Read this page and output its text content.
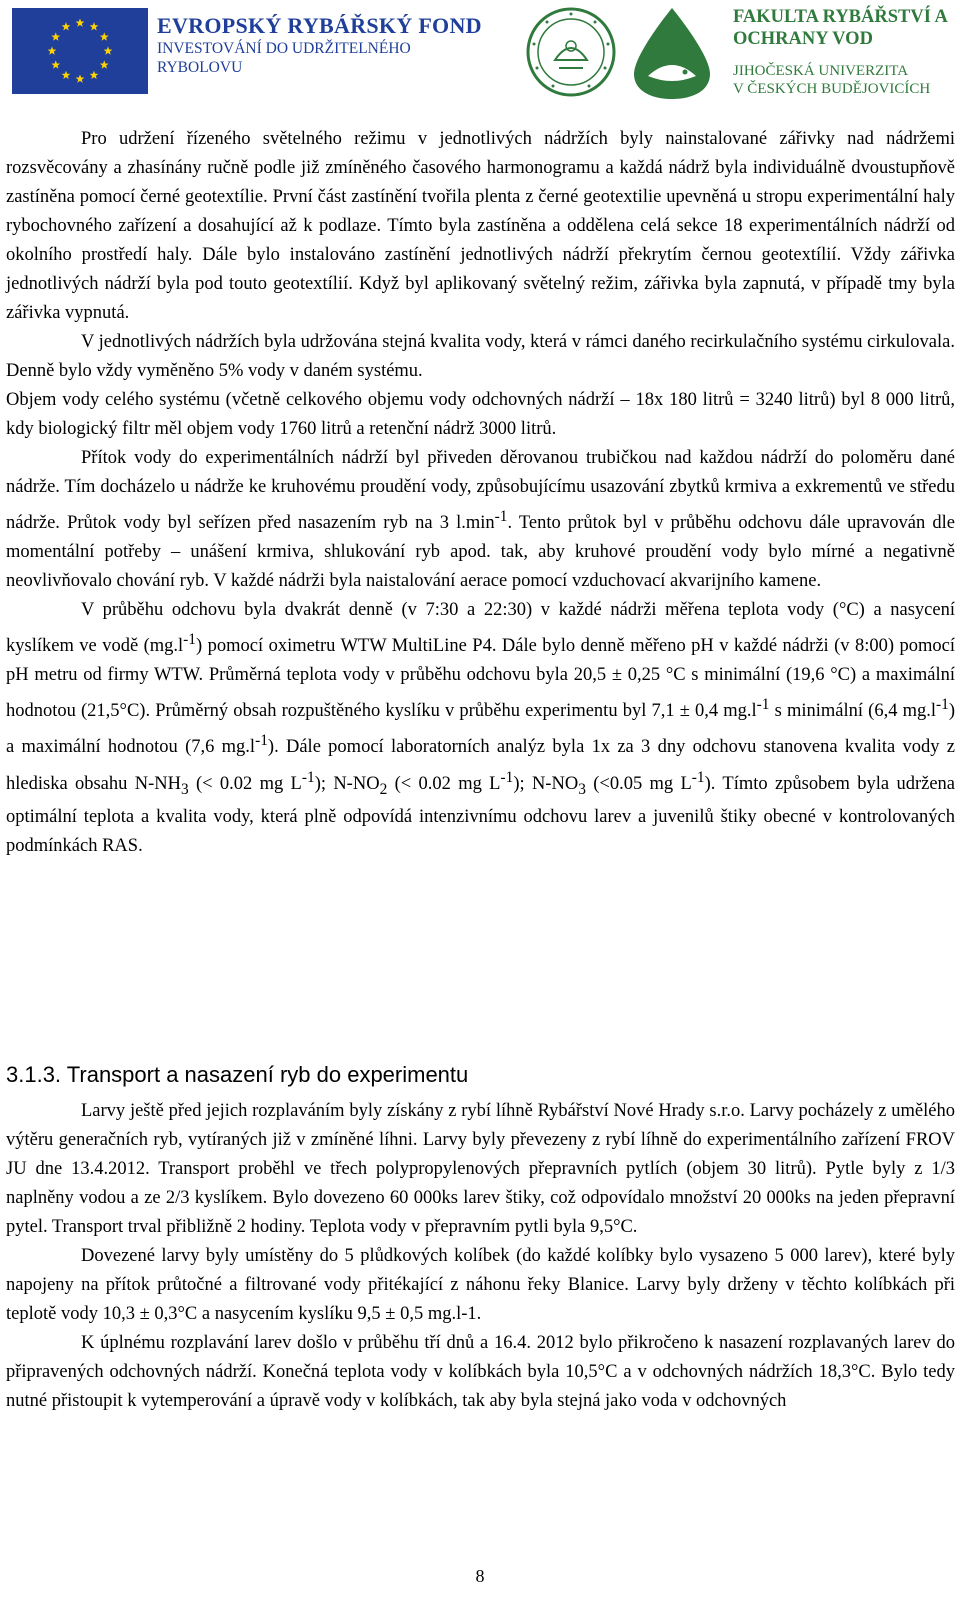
EVROPSKÝ RYBÁŘSKÝ FOND
INVESTOVÁNÍ DO UDRŽITELNÉHO
RYBOLOVU
FAKULTA RYBÁŘSTVÍ A
OCHRANY VOD
JIHOČESKÁ UNIVERZITA
V ČESKÝCH BUDĚJOVICÍCH

Pro udržení řízeného světelného režimu v jednotlivých nádržích byly nainstalované zářivky nad nádržemi rozsvěcovány a zhasínány ručně podle již zmíněného časového harmonogramu a každá nádrž byla individuálně dvoustupňově zastíněna pomocí černé geotextílie. První část zastínění tvořila plenta z černé geotextilie upevněná u stropu experimentální haly rybochovného zařízení a dosahující až k podlaze. Tímto byla zastíněna a oddělena celá sekce 18 experimentálních nádrží od okolního prostředí haly. Dále bylo instalováno zastínění jednotlivých nádrží překrytím černou geotextílií. Vždy zářivka jednotlivých nádrží byla pod touto geotextílií. Když byl aplikovaný světelný režim, zářivka byla zapnutá, v případě tmy byla zářivka vypnutá.

V jednotlivých nádržích byla udržována stejná kvalita vody, která v rámci daného recirkulačního systému cirkulovala. Denně bylo vždy vyměněno 5% vody v daném systému.

Objem vody celého systému (včetně celkového objemu vody odchovných nádrží – 18x 180 litrů = 3240 litrů) byl 8 000 litrů, kdy biologický filtr měl objem vody 1760 litrů a retenční nádrž 3000 litrů.

Přítok vody do experimentálních nádrží byl přiveden děrovanou trubičkou nad každou nádrží do poloměru dané nádrže. Tím docházelo u nádrže ke kruhovému proudění vody, způsobujícímu usazování zbytků krmiva a exkrementů ve středu nádrže. Průtok vody byl seřízen před nasazením ryb na 3 $l.\min^{-1}$. Tento průtok byl v průběhu odchovu dále upravován dle momentální potřeby – unášení krmiva, shlukování ryb apod. tak, aby kruhové proudění vody bylo mírné a negativně neovlivňovalo chování ryb. V každé nádrži byla naistalování aerace pomocí vzduchovací akvarijního kamene.

V průběhu odchovu byla dvakrát denně (v 7:30 a 22:30) v každé nádrži měřena teplota vody (°C) a nasycení kyslíkem ve vodě $(mg.l^{-1})$ pomocí oximetru WTW MultiLine P4. Dále bylo denně měřeno pH v každé nádrži (v 8:00) pomocí pH metru od firmy WTW. Průměrná teplota vody v průběhu odchovu byla 20,5 ± 0,25 °C s minimální (19,6 °C) a maximální hodnotou (21,5°C). Průměrný obsah rozpuštěného kyslíku v průběhu experimentu byl 7,1 ± 0,4 $mg.l^{-1}$ s minimální (6,4 $mg.l^{-1}$) a maximální hodnotou (7,6 $mg.l^{-1}$). Dále pomocí laboratorních analýz byla 1x za 3 dny odchovu stanovena kvalita vody z hlediska obsahu $N-NH_3$ (< 0.02 mg $L^{-1}$); $N-NO_2$ (< 0.02 mg $L^{-1}$); $N-NO_3$ (<0.05 mg $L^{-1}$). Tímto způsobem byla udržena optimální teplota a kvalita vody, která plně odpovídá intenzivnímu odchovu larev a juvenilů štiky obecné v kontrolovaných podmínkách RAS.

3.1.3. Transport a nasazení ryb do experimentu

Larvy ještě před jejich rozplaváním byly získány z rybí líhně Rybářství Nové Hrady s.r.o. Larvy pocházely z umělého výtěru generačních ryb, vytíraných již v zmíněné líhni. Larvy byly převezeny z rybí líhně do experimentálního zařízení FROV JU dne 13.4.2012. Transport proběhl ve třech polypropylenových přepravních pytlích (objem 30 litrů). Pytle byly z 1/3 naplněny vodou a ze 2/3 kyslíkem. Bylo dovezeno 60 000ks larev štiky, což odpovídalo množství 20 000ks na jeden přepravní pytel. Transport trval přibližně 2 hodiny. Teplota vody v přepravním pytli byla 9,5°C.

Dovezené larvy byly umístěny do 5 plůdkových kolíbek (do každé kolíbky bylo vysazeno 5 000 larev), které byly napojeny na přítok průtočné a filtrované vody přitékající z náhonu řeky Blanice. Larvy byly drženy v těchto kolíbkách při teplotě vody 10,3 ± 0,3°C a nasycením kyslíku 9,5 ± 0,5 mg.l-1.

K úplnému rozplavání larev došlo v průběhu tří dnů a 16.4. 2012 bylo přikročeno k nasazení rozplavaných larev do připravených odchovných nádrží. Konečná teplota vody v kolíbkách byla 10,5°C a v odchovných nádržích 18,3°C. Bylo tedy nutné přistoupit k vytemperování a úpravě vody v kolíbkách, tak aby byla stejná jako voda v odchovných

8
